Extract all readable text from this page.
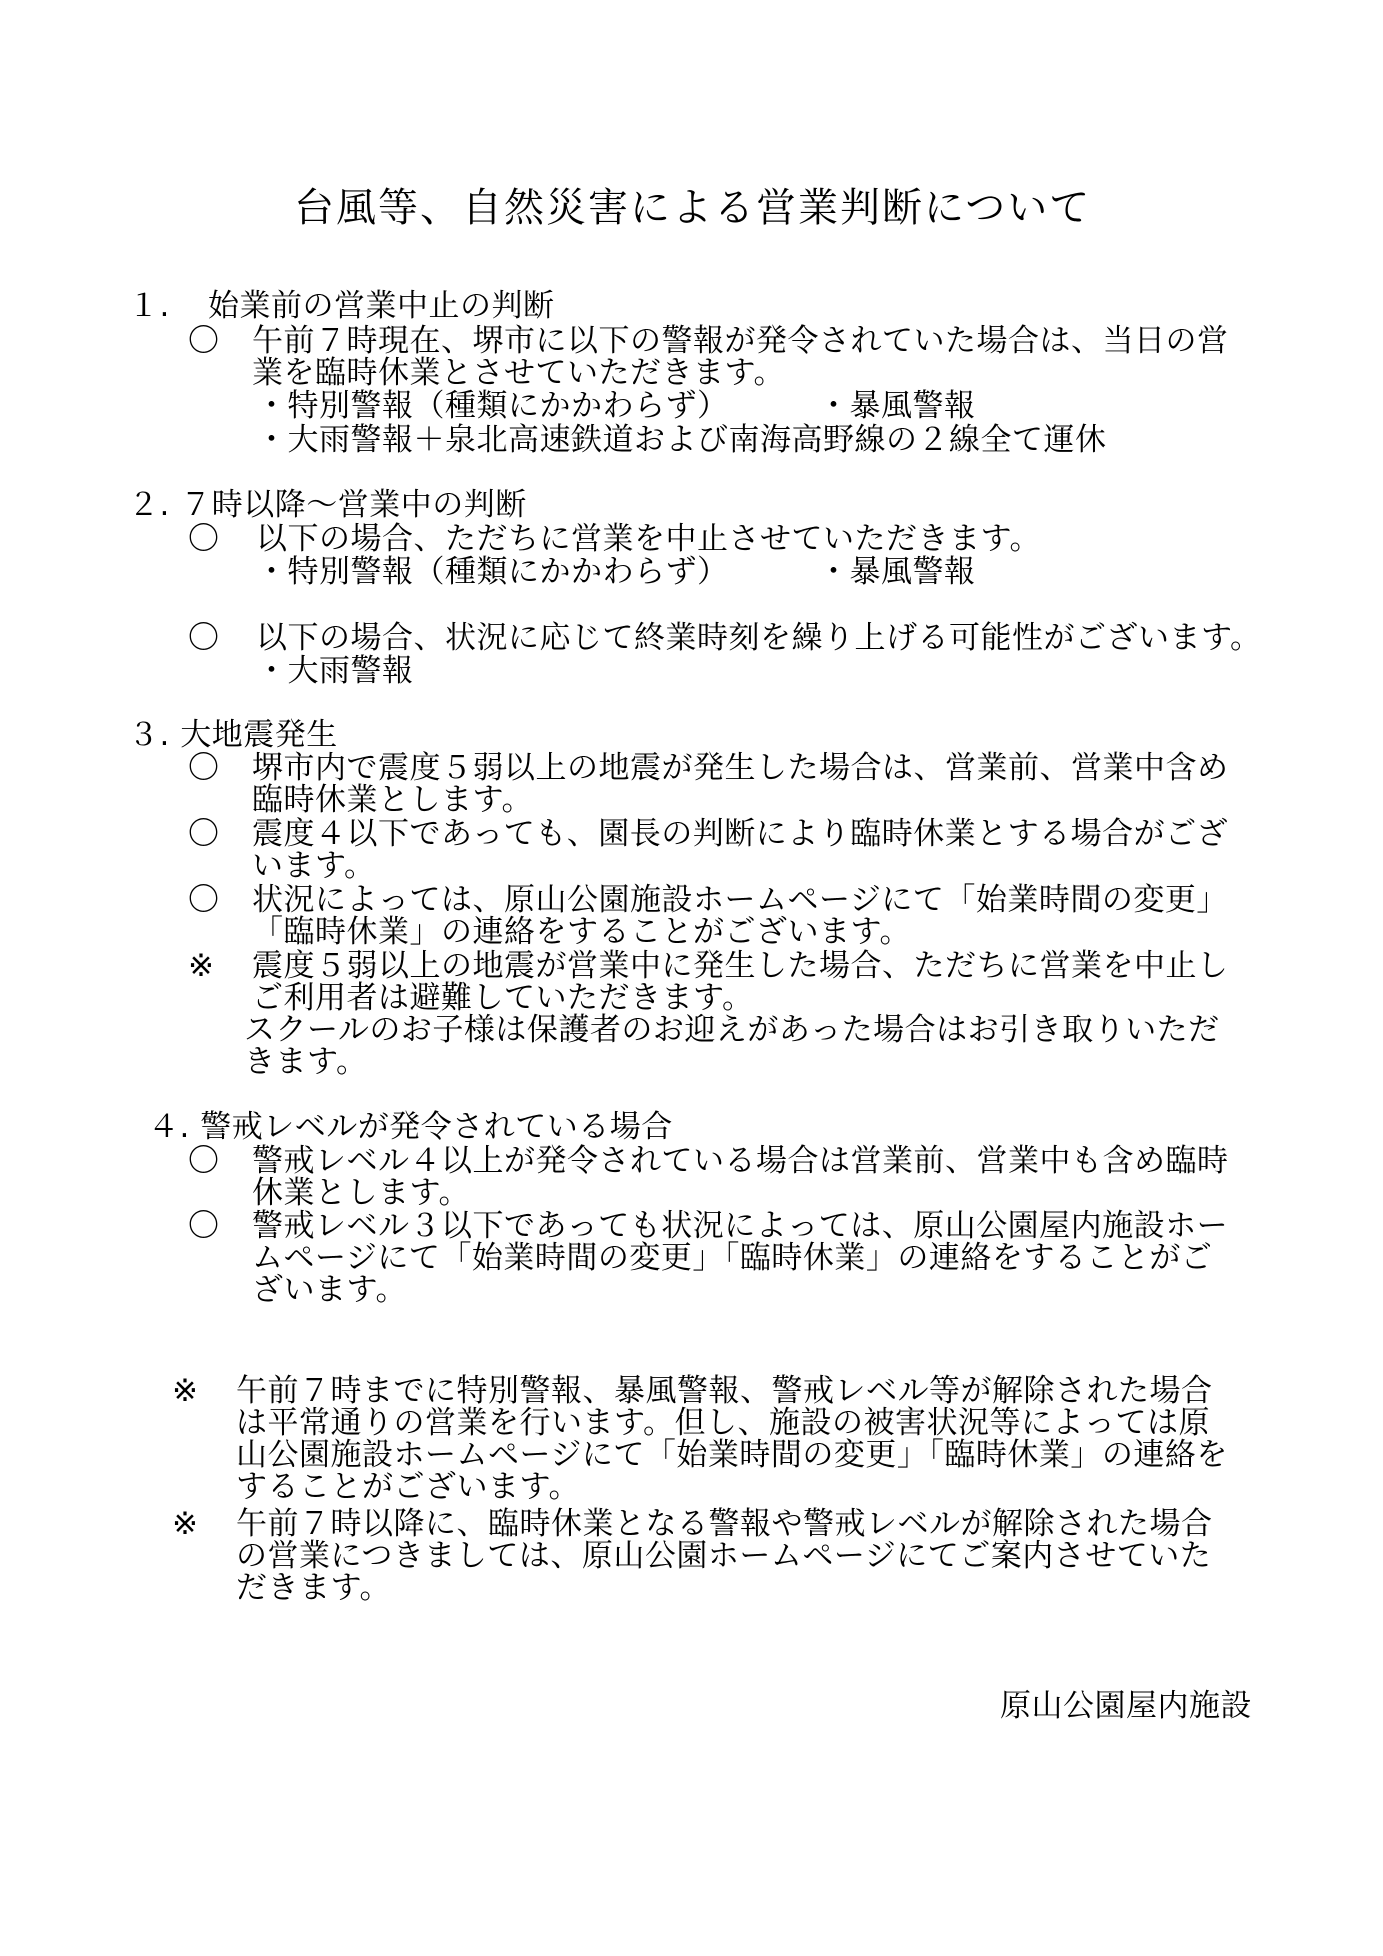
台風等、自然災害による営業判断について
１. 始業前の営業中止の判断
〇 午前７時現在、堺市に以下の警報が発令されていた場合は、当日の営
業を臨時休業とさせていただきます。
・特別警報（種類にかかわらず）	・暴風警報
・大雨警報＋泉北高速鉄道および南海高野線の２線全て運休
２. ７時以降～営業中の判断
〇 以下の場合、ただちに営業を中止させていただきます。
・特別警報（種類にかかわらず）	・暴風警報
〇 以下の場合、状況に応じて終業時刻を繰り上げる可能性がございます。
・大雨警報
３. 大地震発生
〇 堺市内で震度５弱以上の地震が発生した場合は、営業前、営業中含め
臨時休業とします。
〇 震度４以下であっても、園長の判断により臨時休業とする場合がござ
います。
〇 状況によっては、原山公園施設ホームページにて「始業時間の変更」
「臨時休業」の連絡をすることがございます。
※ 震度５弱以上の地震が営業中に発生した場合、ただちに営業を中止し
ご利用者は避難していただきます。
スクールのお子様は保護者のお迎えがあった場合はお引き取りいただ
きます。
４. 警戒レベルが発令されている場合
〇 警戒レベル４以上が発令されている場合は営業前、営業中も含め臨時
休業とします。
〇 警戒レベル３以下であっても状況によっては、原山公園屋内施設ホー
ムページにて「始業時間の変更」「臨時休業」の連絡をすることがご
ざいます。
※ 午前７時までに特別警報、暴風警報、警戒レベル等が解除された場合
は平常通りの営業を行います。但し、施設の被害状況等によっては原
山公園施設ホームページにて「始業時間の変更」「臨時休業」の連絡を
することがございます。
※ 午前７時以降に、臨時休業となる警報や警戒レベルが解除された場合
の営業につきましては、原山公園ホームページにてご案内させていた
だきます。
原山公園屋内施設
